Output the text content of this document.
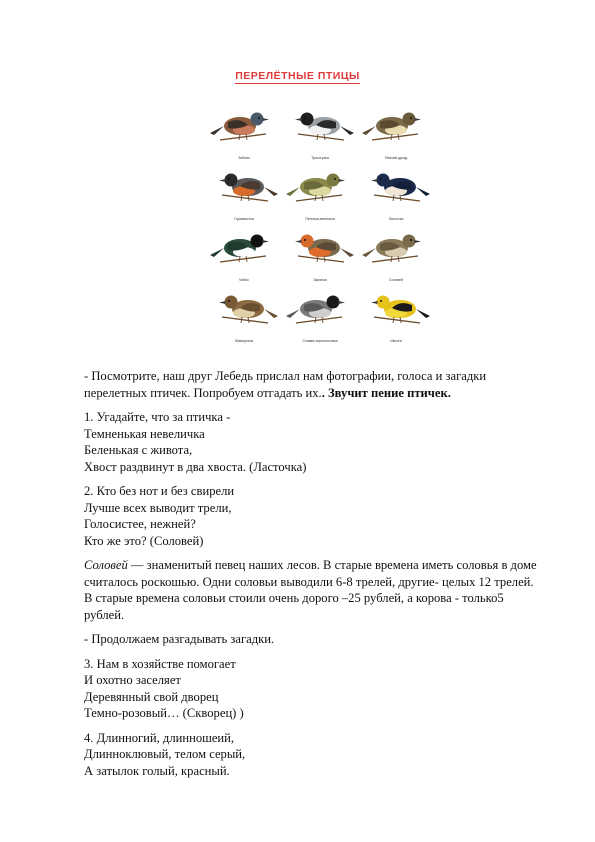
ПЕРЕЛЁТНЫЕ ПТИЦЫ
Зяблик	Трясогузка	Певчий дрозд
Горихвостка	Пеночка-весничка	Ласточка
Чибис	Зарянка	Соловей
Жаворонок	Славка-черноголовка	Иволга

- Посмотрите, наш друг Лебедь прислал нам фотографии, голоса и загадки перелетных птичек. Попробуем отгадать их.. Звучит пение птичек.

1. Угадайте, что за птичка -
Темненькая невеличка
Беленькая с живота,
Хвост раздвинут в два хвоста. (Ласточка)

2. Кто без нот и без свирели
Лучше всех выводит трели,
Голосистее, нежней?
Кто же это? (Соловей)

Соловей — знаменитый певец наших лесов. В старые времена иметь соловья в доме считалось роскошью. Одни соловьи выводили 6-8 трелей, другие- целых 12 трелей. В старые времена соловьи стоили очень дорого –25 рублей, а корова - только5 рублей.

- Продолжаем разгадывать загадки.

3. Нам в хозяйстве помогает
И охотно заселяет
Деревянный свой дворец
Темно-розовый… (Скворец) )

4. Длинногий, длинношеий,
Длинноклювый, телом серый,
А затылок голый, красный.
